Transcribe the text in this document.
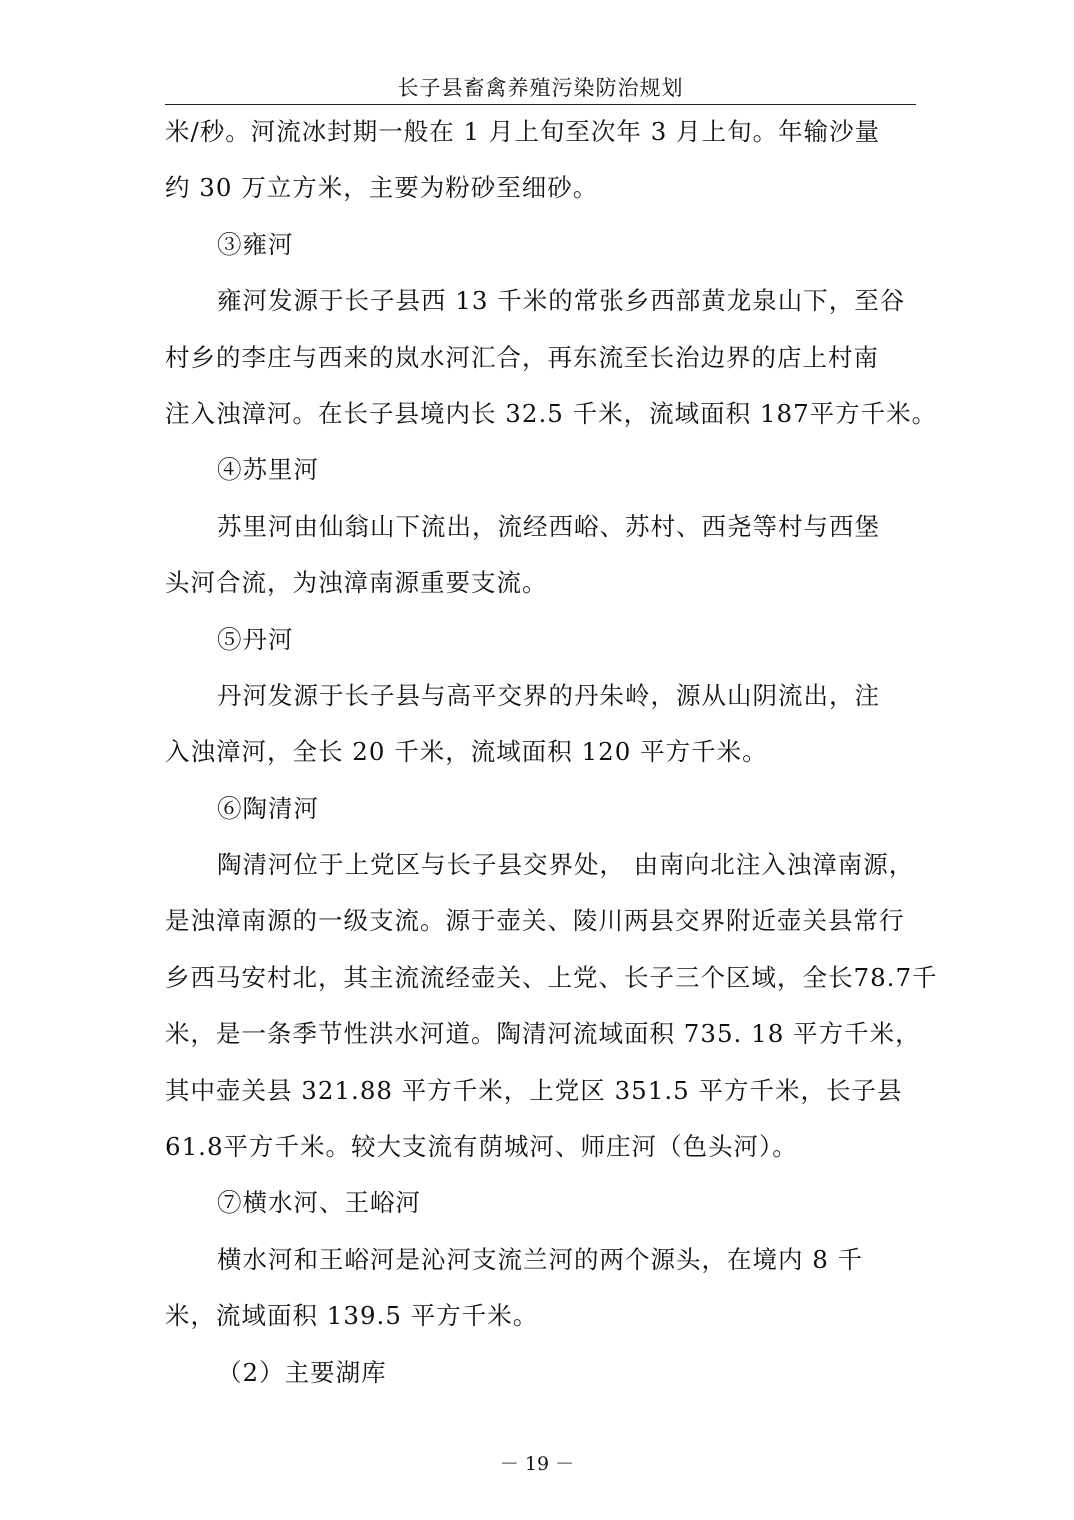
长子县畜禽养殖污染防治规划
米/秒。河流冰封期一般在 1 月上旬至次年 3 月上旬。年输沙量
约 30 万立方米，主要为粉砂至细砂。
③雍河
雍河发源于长子县西 13 千米的常张乡西部黄龙泉山下，至谷
村乡的李庄与西来的岚水河汇合，再东流至长治边界的店上村南
注入浊漳河。在长子县境内长 32.5 千米，流域面积 187平方千米。
④苏里河
苏里河由仙翁山下流出，流经西峪、苏村、西尧等村与西堡
头河合流，为浊漳南源重要支流。
⑤丹河
丹河发源于长子县与高平交界的丹朱岭，源从山阴流出，注
入浊漳河，全长 20 千米，流域面积 120 平方千米。
⑥陶清河
陶清河位于上党区与长子县交界处， 由南向北注入浊漳南源，
是浊漳南源的一级支流。源于壶关、陵川两县交界附近壶关县常行
乡西马安村北，其主流流经壶关、上党、长子三个区域，全长78.7千
米，是一条季节性洪水河道。陶清河流域面积 735. 18 平方千米，
其中壶关县 321.88 平方千米，上党区 351.5 平方千米，长子县
61.8平方千米。较大支流有荫城河、师庄河（色头河）。
⑦横水河、王峪河
横水河和王峪河是沁河支流兰河的两个源头，在境内 8 千
米，流域面积 139.5 平方千米。
（2）主要湖库
－ 19 －
